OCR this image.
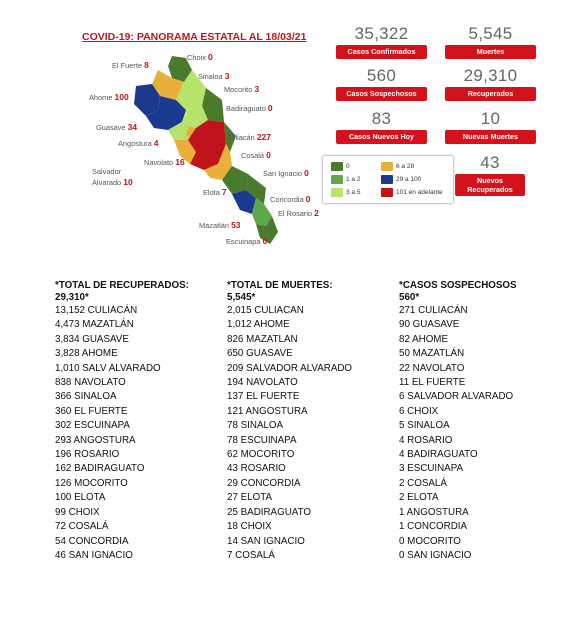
COVID-19: PANORAMA ESTATAL AL 18/03/21
Choix 0
El Fuerte 8
Sinaloa 3
Ahome 100
Mocorito 3
Badiraguato 0
Guasave 34
Angostura 4
Culiacán 227
Cosalá 0
Navolato 16
Salvador
Alvarado 10
San Ignacio 0
Elota 7
Concordia 0
El Rosario 2
Mazatlán 53
Escuinapa 0
35,322
Casos Confirmados
5,545
Muertes
560
Casos Sospechosos
29,310
Recuperados
83
Casos Nuevos Hoy
10
Nuevas Muertes
43
Nuevos
Recuperados
0	6 a 28
1 a 2	29 a 100
3 a 5	101 en adelante
*TOTAL DE RECUPERADOS:
29,310*
13,152 CULIACÁN
4,473 MAZATLÁN
3,834 GUASAVE
3,828 AHOME
1,010 SALV ALVARADO
838 NAVOLATO
366 SINALOA
360 EL FUERTE
302 ESCUINAPA
293 ANGOSTURA
196 ROSARIO
162 BADIRAGUATO
126 MOCORITO
100 ELOTA
99 CHOIX
72 COSALÁ
54 CONCORDIA
46 SAN IGNACIO
*TOTAL DE MUERTES:
5,545*
2,015 CULIACAN
1,012 AHOME
826 MAZATLAN
650 GUASAVE
209 SALVADOR ALVARADO
194 NAVOLATO
137 EL FUERTE
121 ANGOSTURA
78 SINALOA
78 ESCUINAPA
62 MOCORITO
43 ROSARIO
29 CONCORDIA
27 ELOTA
25 BADIRAGUATO
18 CHOIX
14 SAN IGNACIO
7 COSALÁ
*CASOS SOSPECHOSOS
560*
271 CULIACÁN
90 GUASAVE
82 AHOME
50 MAZATLÁN
22 NAVOLATO
11 EL FUERTE
6 SALVADOR ALVARADO
6 CHOIX
5 SINALOA
4 ROSARIO
4 BADIRAGUATO
3 ESCUINAPA
2 COSALÁ
2 ELOTA
1 ANGOSTURA
1 CONCORDIA
0 MOCORITO
0 SAN IGNACIO
